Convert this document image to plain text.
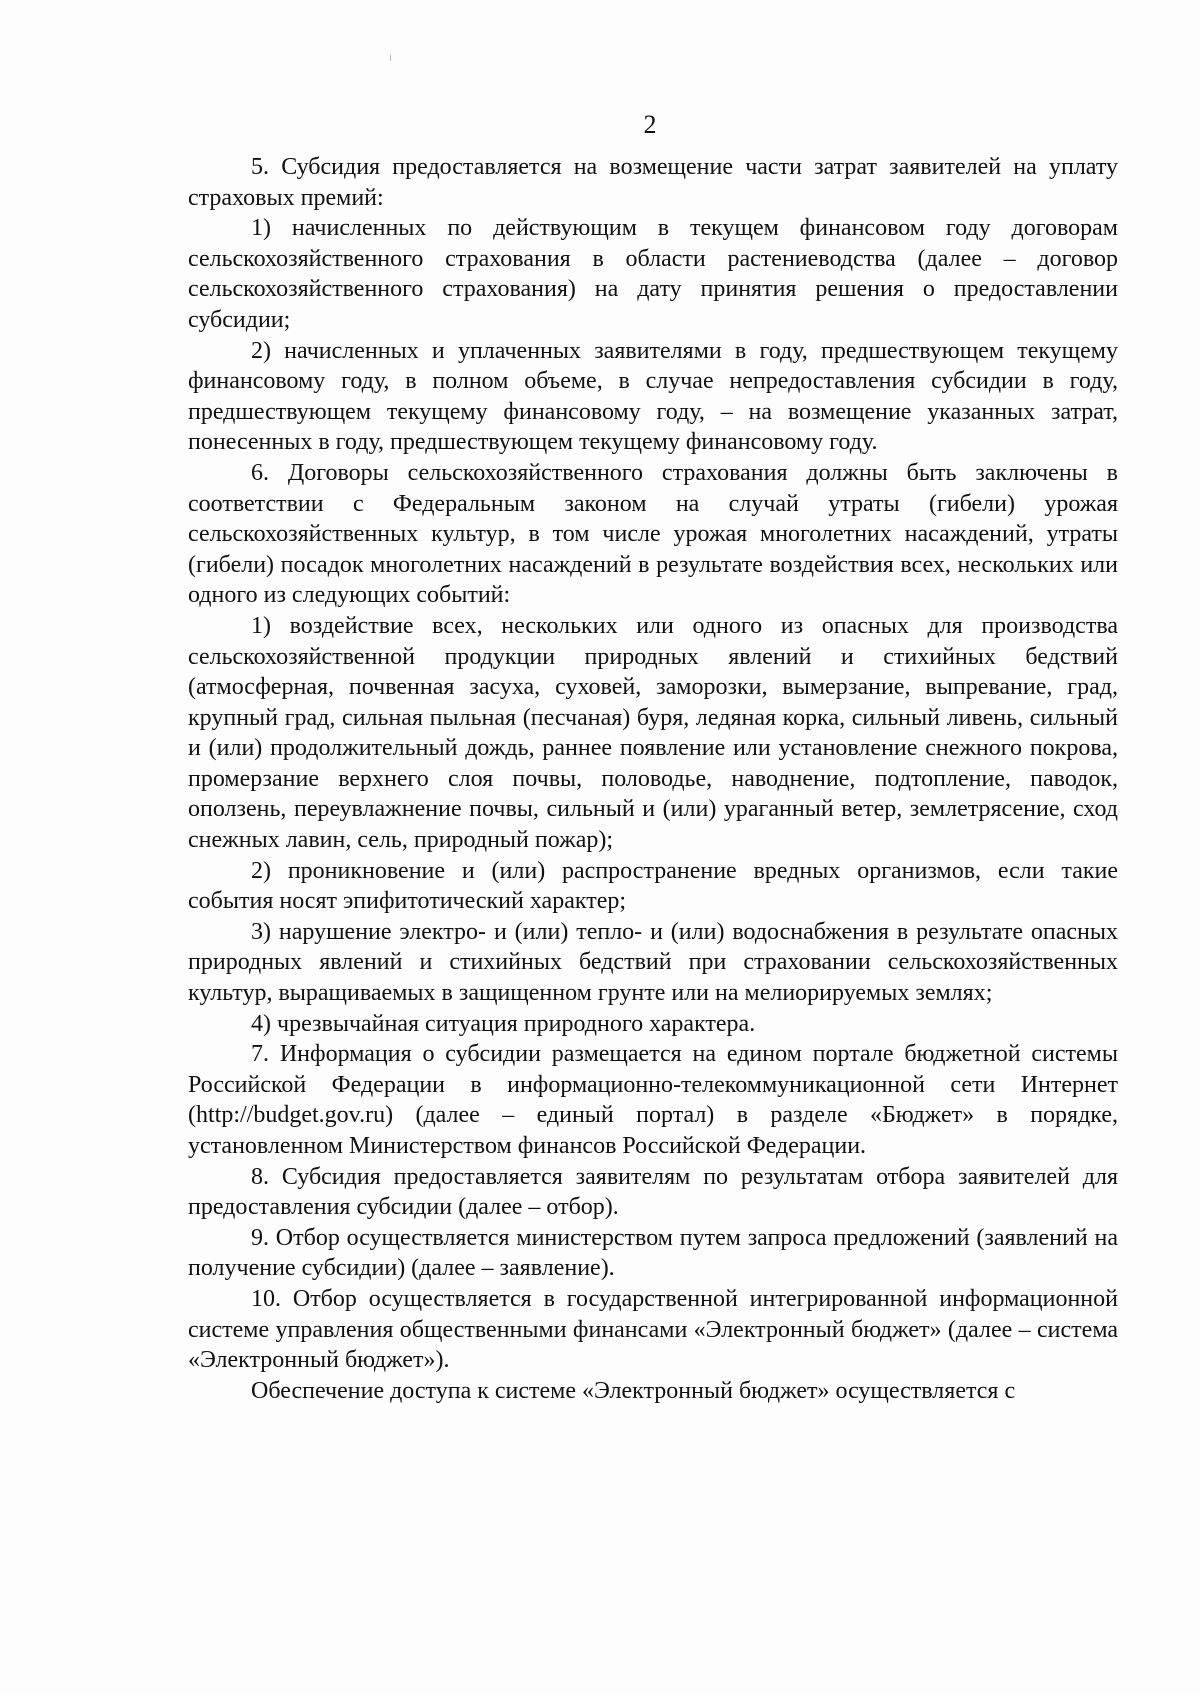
2

5. Субсидия предоставляется на возмещение части затрат заявителей на уплату страховых премий:

1) начисленных по действующим в текущем финансовом году договорам сельскохозяйственного страхования в области растениеводства (далее – договор сельскохозяйственного страхования) на дату принятия решения о предоставлении субсидии;

2) начисленных и уплаченных заявителями в году, предшествующем текущему финансовому году, в полном объеме, в случае непредоставления субсидии в году, предшествующем текущему финансовому году, – на возмещение указанных затрат, понесенных в году, предшествующем текущему финансовому году.

6. Договоры сельскохозяйственного страхования должны быть заключены в соответствии с Федеральным законом на случай утраты (гибели) урожая сельскохозяйственных культур, в том числе урожая многолетних насаждений, утраты (гибели) посадок многолетних насаждений в результате воздействия всех, нескольких или одного из следующих событий:

1) воздействие всех, нескольких или одного из опасных для производства сельскохозяйственной продукции природных явлений и стихийных бедствий (атмосферная, почвенная засуха, суховей, заморозки, вымерзание, выпревание, град, крупный град, сильная пыльная (песчаная) буря, ледяная корка, сильный ливень, сильный и (или) продолжительный дождь, раннее появление или установление снежного покрова, промерзание верхнего слоя почвы, половодье, наводнение, подтопление, паводок, оползень, переувлажнение почвы, сильный и (или) ураганный ветер, землетрясение, сход снежных лавин, сель, природный пожар);

2) проникновение и (или) распространение вредных организмов, если такие события носят эпифитотический характер;

3) нарушение электро- и (или) тепло- и (или) водоснабжения в результате опасных природных явлений и стихийных бедствий при страховании сельскохозяйственных культур, выращиваемых в защищенном грунте или на мелиорируемых землях;

4) чрезвычайная ситуация природного характера.

7. Информация о субсидии размещается на едином портале бюджетной системы Российской Федерации в информационно-телекоммуникационной сети Интернет (http://budget.gov.ru) (далее – единый портал) в разделе «Бюджет» в порядке, установленном Министерством финансов Российской Федерации.

8. Субсидия предоставляется заявителям по результатам отбора заявителей для предоставления субсидии (далее – отбор).

9. Отбор осуществляется министерством путем запроса предложений (заявлений на получение субсидии) (далее – заявление).

10. Отбор осуществляется в государственной интегрированной информационной системе управления общественными финансами «Электронный бюджет» (далее – система «Электронный бюджет»).

Обеспечение доступа к системе «Электронный бюджет» осуществляется с
